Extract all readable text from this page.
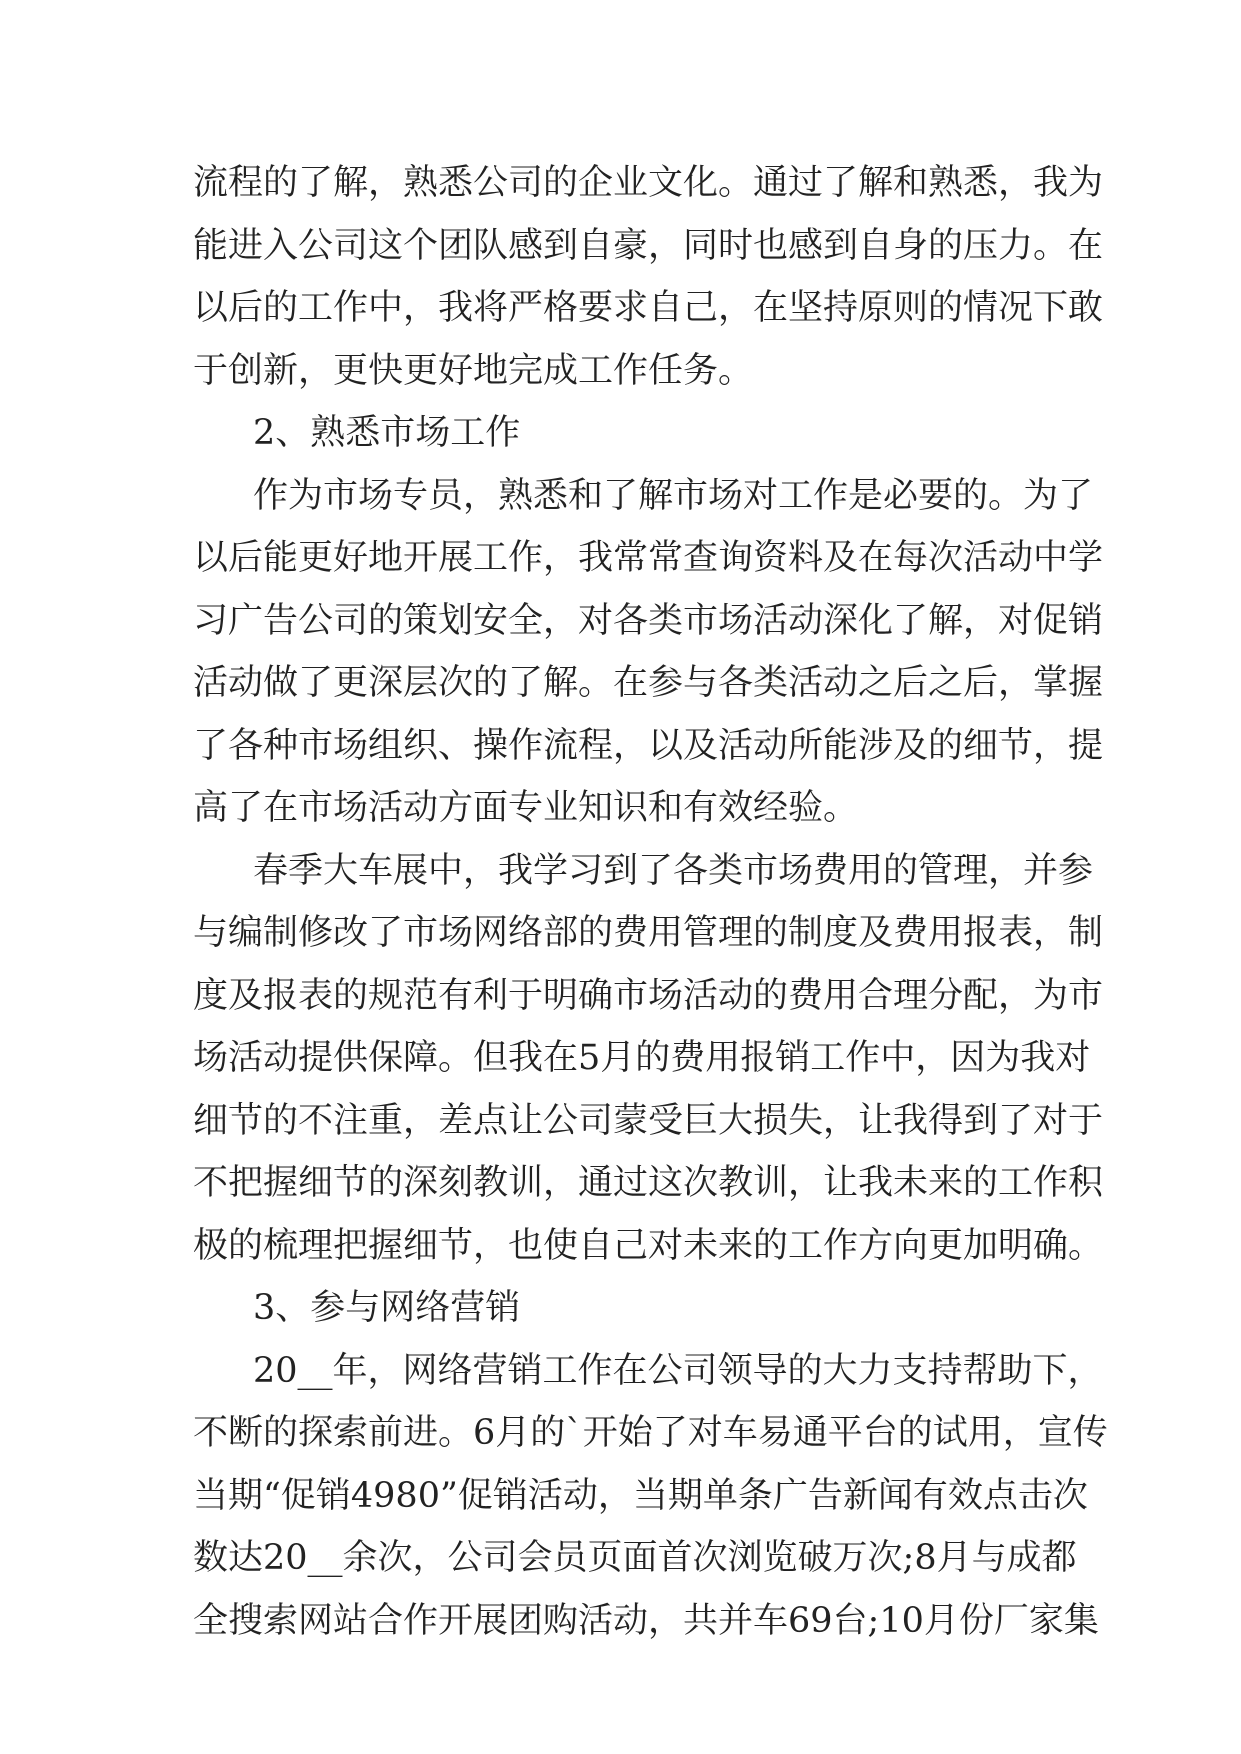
流程的了解，熟悉公司的企业文化。通过了解和熟悉，我为
能进入公司这个团队感到自豪，同时也感到自身的压力。在
以后的工作中，我将严格要求自己，在坚持原则的情况下敢
于创新，更快更好地完成工作任务。
2、熟悉市场工作
作为市场专员，熟悉和了解市场对工作是必要的。为了
以后能更好地开展工作，我常常查询资料及在每次活动中学
习广告公司的策划安全，对各类市场活动深化了解，对促销
活动做了更深层次的了解。在参与各类活动之后之后，掌握
了各种市场组织、操作流程，以及活动所能涉及的细节，提
高了在市场活动方面专业知识和有效经验。
春季大车展中，我学习到了各类市场费用的管理，并参
与编制修改了市场网络部的费用管理的制度及费用报表，制
度及报表的规范有利于明确市场活动的费用合理分配，为市
场活动提供保障。但我在5月的费用报销工作中，因为我对
细节的不注重，差点让公司蒙受巨大损失，让我得到了对于
不把握细节的深刻教训，通过这次教训，让我未来的工作积
极的梳理把握细节，也使自己对未来的工作方向更加明确。
3、参与网络营销
20__年，网络营销工作在公司领导的大力支持帮助下，
不断的探索前进。6月的`开始了对车易通平台的试用，宣传
当期“促销4980”促销活动，当期单条广告新闻有效点击次
数达20__余次，公司会员页面首次浏览破万次;8月与成都
全搜索网站合作开展团购活动，共并车69台;10月份厂家集
